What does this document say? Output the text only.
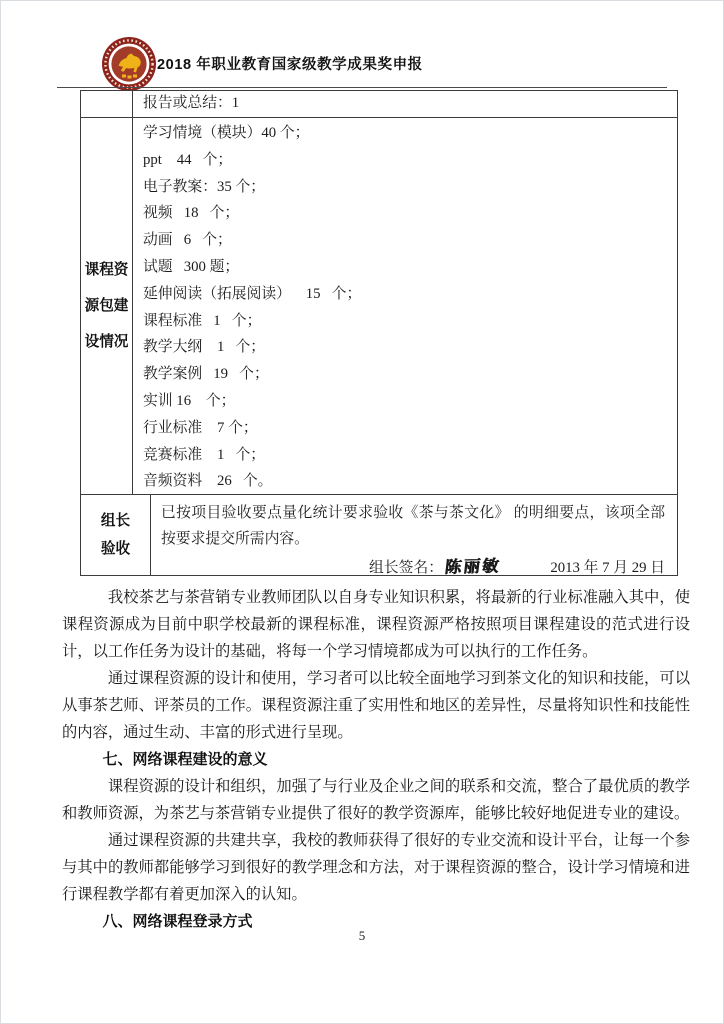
2018 年职业教育国家级教学成果奖申报
报告或总结：1
课程资
源包建
设情况
学习情境（模块）40 个；
ppt    44   个；
电子教案：35 个；
视频   18   个；
动画   6   个；
试题   300 题；
延伸阅读（拓展阅读）    15   个；
课程标准   1   个；
教学大纲    1   个；
教学案例   19   个；
实训 16    个；
行业标准    7 个；
竞赛标准    1   个；
音频资料    26   个。
组长
验收
已按项目验收要点量化统计要求验收《茶与茶文化》 的明细要点，该项全部按要求提交所需内容。
组长签名： 陈丽敏	2013 年 7 月 29 日

我校茶艺与茶营销专业教师团队以自身专业知识积累，将最新的行业标准融入其中，使课程资源成为目前中职学校最新的课程标准，课程资源严格按照项目课程建设的范式进行设计，以工作任务为设计的基础，将每一个学习情境都成为可以执行的工作任务。

通过课程资源的设计和使用，学习者可以比较全面地学习到茶文化的知识和技能，可以从事茶艺师、评茶员的工作。课程资源注重了实用性和地区的差异性，尽量将知识性和技能性的内容，通过生动、丰富的形式进行呈现。

七、网络课程建设的意义

课程资源的设计和组织，加强了与行业及企业之间的联系和交流，整合了最优质的教学和教师资源，为茶艺与茶营销专业提供了很好的教学资源库，能够比较好地促进专业的建设。

通过课程资源的共建共享，我校的教师获得了很好的专业交流和设计平台，让每一个参与其中的教师都能够学习到很好的教学理念和方法，对于课程资源的整合，设计学习情境和进行课程教学都有着更加深入的认知。

八、网络课程登录方式

5
